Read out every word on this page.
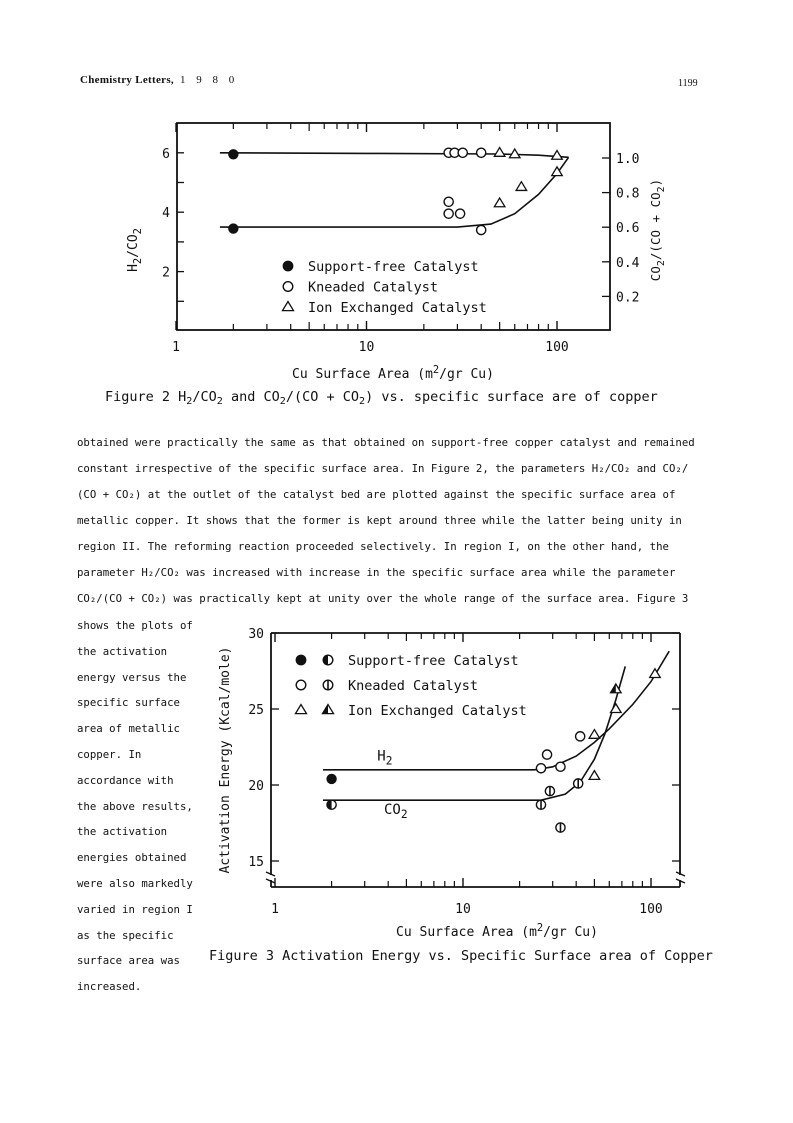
Chemistry Letters, 1 9 8 0	1199
1	10	100
2
4
6
$H_2/CO_2$
0.2
0.4
0.6
0.8
1.0
$CO_2/(CO + CO_2)$
Cu Surface Area ($m^2/gr$ Cu)
Support-free Catalyst
Kneaded Catalyst
Ion Exchanged Catalyst
Figure 2 $H_2/CO_2$ and $CO_2/(CO + CO_2)$ vs. specific surface are of copper

obtained were practically the same as that obtained on support-free copper catalyst and remained

constant irrespective of the specific surface area. In Figure 2, the parameters H₂/CO₂ and CO₂/

(CO + CO₂) at the outlet of the catalyst bed are plotted against the specific surface area of

metallic copper. It shows that the former is kept around three while the latter being unity in

region II. The reforming reaction proceeded selectively. In region I, on the other hand, the

parameter H₂/CO₂ was increased with increase in the specific surface area while the parameter

CO₂/(CO + CO₂) was practically kept at unity over the whole range of the surface area. Figure 3

shows the plots of
the activation
energy versus the
specific surface
area of metallic
copper. In
accordance with
the above results,
the activation
energies obtained
were also markedly
varied in region I
as the specific
surface area was
increased.
1	10	100
15
20
25
30
Activation Energy (Kcal/mole)
Cu Surface Area ($m^2/gr$ Cu)
$H_2$
$CO_2$
Support-free Catalyst
Kneaded Catalyst
Ion Exchanged Catalyst
Figure 3 Activation Energy vs. Specific Surface area of Copper
